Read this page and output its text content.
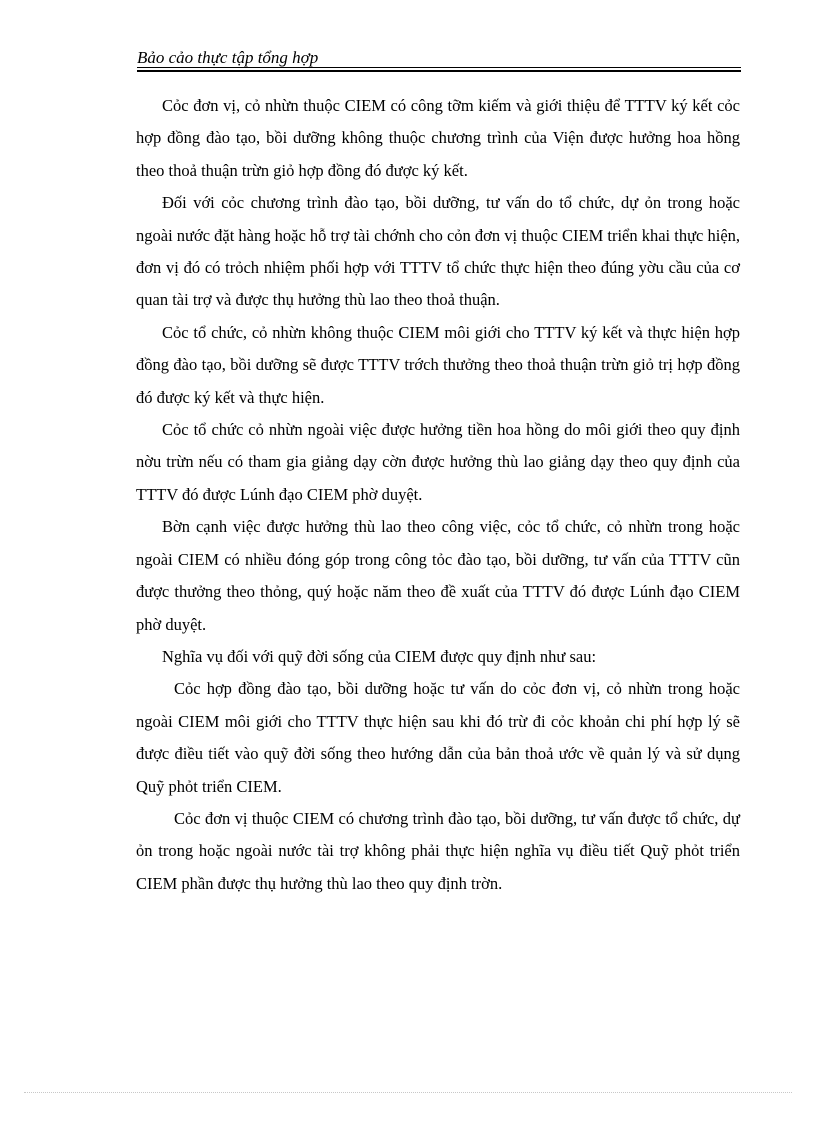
Bảo cảo thực tập tổng hợp

Cỏc đơn vị, cỏ nhừn thuộc CIEM có công tỡm kiếm và giới thiệu để TTTV ký kết cỏc hợp đồng đào tạo, bồi dưỡng không thuộc chương trình của Viện được hưởng hoa hồng theo thoả thuận trừn giỏ hợp đồng đó được ký kết.

Đối với cỏc chương trình đào tạo, bồi dưỡng, tư vấn do tổ chức, dự ỏn trong hoặc ngoài nước đặt hàng hoặc hỗ trợ tài chớnh cho cỏn đơn vị thuộc CIEM triển khai thực hiện, đơn vị đó có trỏch nhiệm phối hợp với TTTV tổ chức thực hiện theo đúng yờu cầu của cơ quan tài trợ và được thụ hưởng thù lao theo thoả thuận.

Cỏc tổ chức, cỏ nhừn không thuộc CIEM môi giới cho TTTV ký kết và thực hiện hợp đồng đào tạo, bồi dưỡng sẽ được TTTV trớch thưởng theo thoả thuận trừn giỏ trị hợp đồng đó được ký kết và thực hiện.

Cỏc tổ chức cỏ nhừn ngoài việc được hưởng tiền hoa hồng do môi giới theo quy định nờu trừn nếu có tham gia giảng dạy cờn được hưởng thù lao giảng dạy theo quy định của TTTV đó được Lúnh đạo CIEM phờ duyệt.

Bờn cạnh việc được hưởng thù lao theo công việc, cỏc tổ chức, cỏ nhừn trong hoặc ngoài CIEM có nhiều đóng góp trong công tỏc đào tạo, bồi dưỡng, tư vấn của TTTV cũn được thưởng theo thỏng, quý hoặc năm theo đề xuất của TTTV đó được Lúnh đạo CIEM phờ duyệt.

Nghĩa vụ đối với quỹ đời sống của CIEM được quy định như sau:

Cỏc hợp đồng đào tạo, bồi dưỡng hoặc tư vấn do cỏc đơn vị, cỏ nhừn trong hoặc ngoài CIEM môi giới cho TTTV thực hiện sau khi đó trừ đi cỏc khoản chi phí hợp lý sẽ được điều tiết vào quỹ đời sống theo hướng dẫn của bản thoả ước về quản lý và sử dụng Quỹ phỏt triển CIEM.

Cỏc đơn vị thuộc CIEM có chương trình đào tạo, bồi dưỡng, tư vấn được tổ chức, dự ỏn trong hoặc ngoài nước tài trợ không phải thực hiện nghĩa vụ điều tiết Quỹ phỏt triển CIEM phần được thụ hưởng thù lao theo quy định trờn.
